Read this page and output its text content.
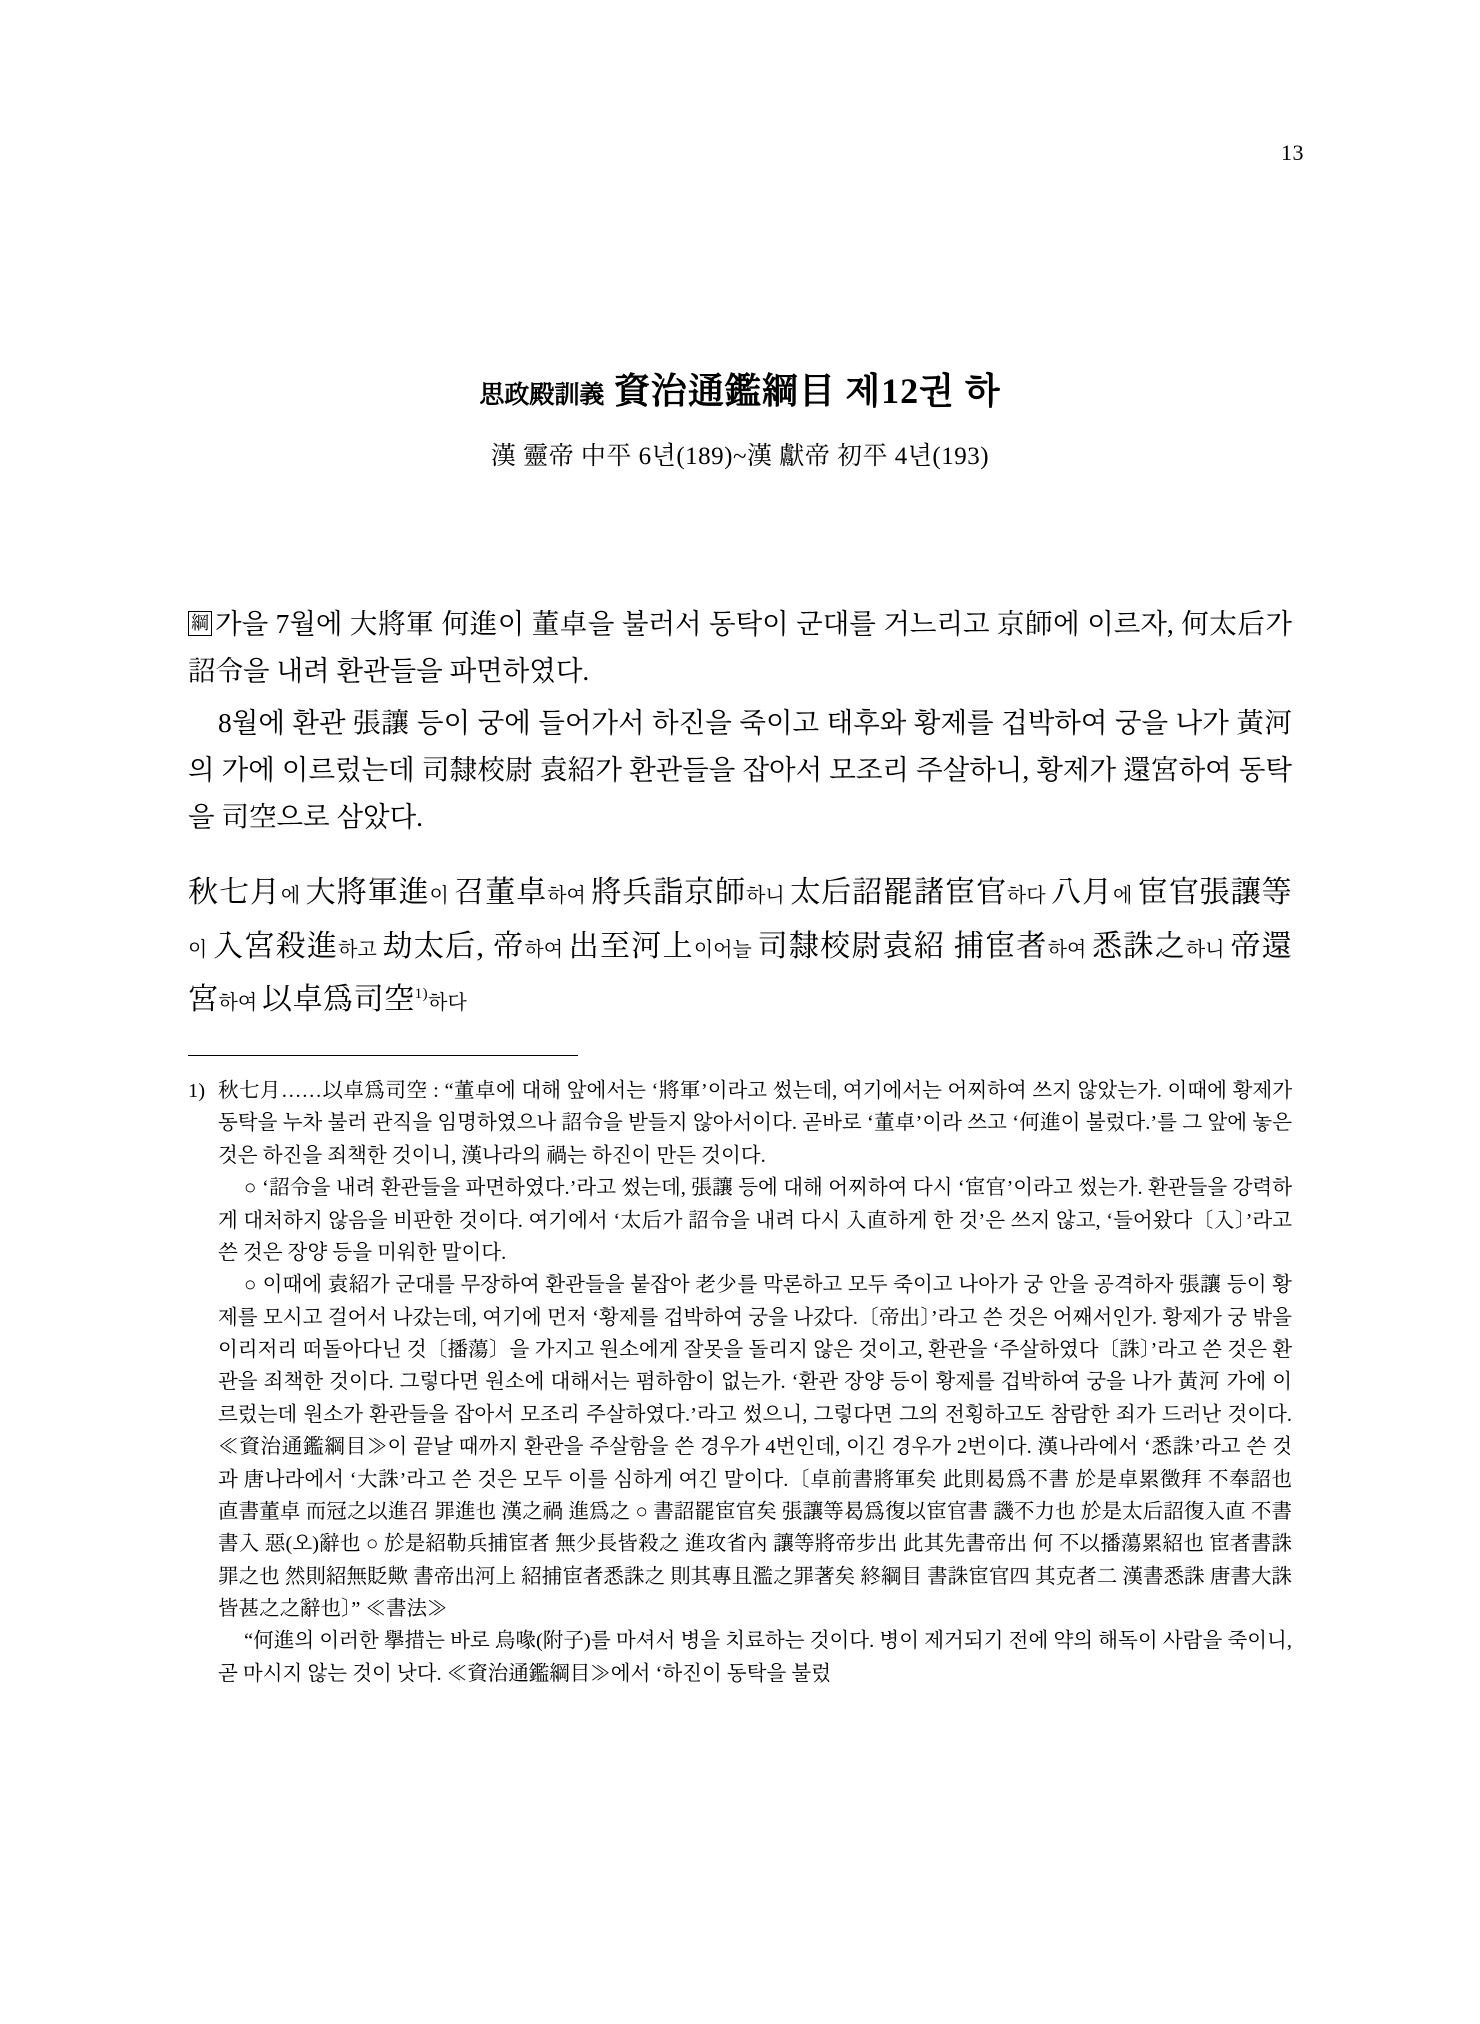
13
思政殿訓義 資治通鑑綱目 제12권 하
漢 靈帝 中平 6년(189)~漢 獻帝 初平 4년(193)

綱 가을 7월에 大將軍 何進이 董卓을 불러서 동탁이 군대를 거느리고 京師에 이르자, 何太后가 詔令을 내려 환관들을 파면하였다.

8월에 환관 張讓 등이 궁에 들어가서 하진을 죽이고 태후와 황제를 겁박하여 궁을 나가 黃河의 가에 이르렀는데 司隸校尉 袁紹가 환관들을 잡아서 모조리 주살하니, 황제가 還宮하여 동탁을 司空으로 삼았다.

秋七月에 大將軍進이 召董卓하여 將兵詣京師하니 太后詔罷諸宦官하다 八月에 宦官張讓等이 入宮殺進하고 劫太后, 帝하여 出至河上이어늘 司隸校尉袁紹 捕宦者하여 悉誅之하니 帝還宮하여 以卓爲司空$^{1)}$하다

1) 秋七月……以卓爲司空 : “董卓에 대해 앞에서는 ‘將軍’이라고 썼는데, 여기에서는 어찌하여 쓰지 않았는가. 이때에 황제가 동탁을 누차 불러 관직을 임명하였으나 詔令을 받들지 않아서이다. 곧바로 ‘董卓’이라 쓰고 ‘何進이 불렀다.’를 그 앞에 놓은 것은 하진을 죄책한 것이니, 漢나라의 禍는 하진이 만든 것이다.

○ ‘詔令을 내려 환관들을 파면하였다.’라고 썼는데, 張讓 등에 대해 어찌하여 다시 ‘宦官’이라고 썼는가. 환관들을 강력하게 대처하지 않음을 비판한 것이다. 여기에서 ‘太后가 詔令을 내려 다시 入直하게 한 것’은 쓰지 않고, ‘들어왔다〔入〕’라고 쓴 것은 장양 등을 미워한 말이다.

○ 이때에 袁紹가 군대를 무장하여 환관들을 붙잡아 老少를 막론하고 모두 죽이고 나아가 궁 안을 공격하자 張讓 등이 황제를 모시고 걸어서 나갔는데, 여기에 먼저 ‘황제를 겁박하여 궁을 나갔다.〔帝出〕’라고 쓴 것은 어째서인가. 황제가 궁 밖을 이리저리 떠돌아다닌 것〔播蕩〕을 가지고 원소에게 잘못을 돌리지 않은 것이고, 환관을 ‘주살하였다〔誅〕’라고 쓴 것은 환관을 죄책한 것이다. 그렇다면 원소에 대해서는 폄하함이 없는가. ‘환관 장양 등이 황제를 겁박하여 궁을 나가 黃河 가에 이르렀는데 원소가 환관들을 잡아서 모조리 주살하였다.’라고 썼으니, 그렇다면 그의 전횡하고도 참람한 죄가 드러난 것이다. ≪資治通鑑綱目≫이 끝날 때까지 환관을 주살함을 쓴 경우가 4번인데, 이긴 경우가 2번이다. 漢나라에서 ‘悉誅’라고 쓴 것과 唐나라에서 ‘大誅’라고 쓴 것은 모두 이를 심하게 여긴 말이다.〔卓前書將軍矣 此則曷爲不書 於是卓累徵拜 不奉詔也 直書董卓 而冠之以進召 罪進也 漢之禍 進爲之 ○ 書詔罷宦官矣 張讓等曷爲復以宦官書 譏不力也 於是太后詔復入直 不書 書入 惡(오)辭也 ○ 於是紹勒兵捕宦者 無少長皆殺之 進攻省內 讓等將帝步出 此其先書帝出 何 不以播蕩累紹也 宦者書誅 罪之也 然則紹無貶歟 書帝出河上 紹捕宦者悉誅之 則其專且濫之罪著矣 終綱目 書誅宦官四 其克者二 漢書悉誅 唐書大誅 皆甚之之辭也〕” ≪書法≫

“何進의 이러한 擧措는 바로 烏喙(附子)를 마셔서 병을 치료하는 것이다. 병이 제거되기 전에 약의 해독이 사람을 죽이니, 곧 마시지 않는 것이 낫다. ≪資治通鑑綱目≫에서 ‘하진이 동탁을 불렀
